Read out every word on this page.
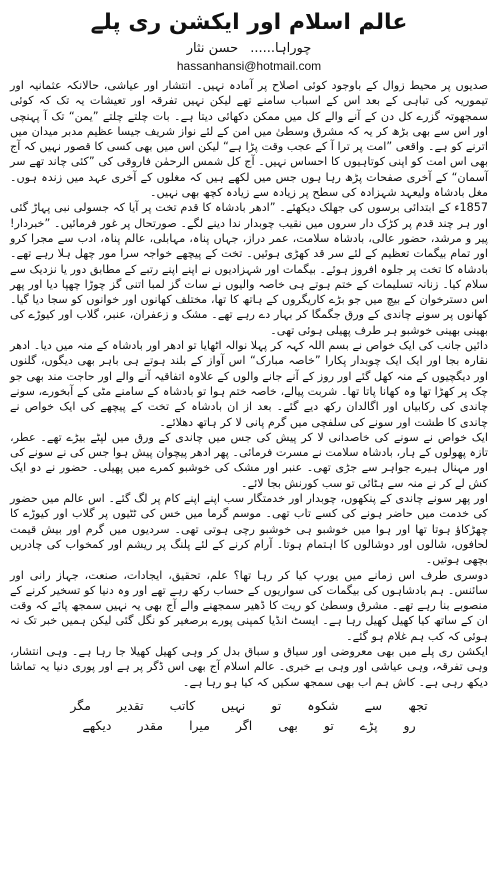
عالم اسلام اور ایکشن ری پلے
چوراہا......حسن نثار
hassanhansi@hotmail.com

صدیوں پر محیط زوال کے باوجود کوئی اصلاح پر آمادہ نہیں۔ انتشار اور عیاشی، حالانکہ عثمانیہ اور تیموریہ کی تباہی کے بعد اس کے اسباب سامنے تھے لیکن نہیں تفرقہ اور تعیشات یہ تک کہ کوئی سمجھوتہ گزرے کل دن کے آنے والے کل میں ممکن دکھائی دیتا ہے۔ بات چلتے چلتے ”یمن“ تک آ پہنچی اور اس سے بھی بڑھ کر یہ کہ مشرق وسطیٰ میں امن کے لئے نواز شریف جیسا عظیم مدبر میدان میں اترنے کو ہے۔ واقعی ”امت پر ترا آ کے عجب وقت پڑا ہے“ لیکن اس میں بھی کسی کا قصور نہیں کہ آج بھی اس امت کو اپنی کوتاہیوں کا احساس نہیں۔ آج کل شمس الرحمٰن فاروقی کی ”کئی چاند تھے سر آسمان“ کے آخری صفحات پڑھ رہا ہوں جس میں لکھے ہیں کہ مغلوں کے آخری عہد میں زندہ ہوں۔ مغل بادشاہ ولیعہد شہزادہ کی سطح پر زیادہ سے زیادہ کچھ بھی نہیں۔

1857ء کے ابتدائی برسوں کی جھلک دیکھئے۔ ”ادھر بادشاہ کا قدم تخت پر آیا کہ جسولی نبی پہاڑ گئی اور ہر چند قدم پر کڑک دار سروں میں نقیب چوبدار ندا دینے لگے۔ صورتحال پر غور فرمائیں۔ ”خبردار! پیر و مرشد، حضور عالی، بادشاہ سلامت، عمر دراز، جہاں پناہ، مہابلی، عالم پناہ، ادب سے مجرا کرو اور تمام بیگمات تعظیم کے لئے سر قد کھڑی ہوئیں۔ تخت کے پیچھے خواجہ سرا مور چھل ہلا رہے تھے۔ بادشاہ کا تخت پر جلوہ افروز ہوئے۔ بیگمات اور شہزادیوں نے اپنے اپنے رتبے کے مطابق دور یا نزدیک سے سلام کیا۔ زنانہ تسلیمات کے ختم ہوتے ہی خاصہ والیوں نے سات گز لمبا اتنی گز چوڑا چھپا دیا اور پھر اس دسترخوان کے بیچ میں جو بڑے کاریگروں کے ہاتھ کا تھا، مختلف کھانوں اور خوانوں کو سجا دیا گیا۔ کھانوں پر سونے چاندی کے ورق جگمگا کر بہار دے رہے تھے۔ مشک و زعفران، عنبر، گلاب اور کیوڑے کی بھینی بھینی خوشبو ہر طرف پھیلی ہوئی تھی۔

دائیں جانب کی ایک خواص نے بسم اللہ کہہ کر پہلا نوالہ اٹھایا تو ادھر اور بادشاہ کے منہ میں دیا۔ ادھر نقارہ بجا اور ایک ایک چوبدار پکارا ”خاصہ مبارک“ اس آواز کے بلند ہوتے ہی باہر بھی دیگوں، گلنوں اور دیگچیوں کے منہ کھل گئے اور روز کے آنے جانے والوں کے علاوہ اتفاقیہ آنے والے اور حاجت مند بھی جو چک پر کھڑا تھا وہ کھانا پاتا تھا۔ شربت پیالے، خاصہ ختم ہوا تو بادشاہ کے سامنے مٹی کے آبخورے، سونے چاندی کی رکابیاں اور اگالدان رکھ دیے گئے۔ بعد از ان بادشاہ کے تخت کے پیچھے کی ایک خواص نے چاندی کا طشت اور سونے کی سلفچی میں گرم پانی لا کر ہاتھ دھلائے۔

ایک خواص نے سونے کی خاصدانی لا کر پیش کی جس میں چاندی کے ورق میں لپٹے بیڑے تھے۔ عطر، تازہ پھولوں کے ہار، بادشاہ سلامت نے مسرت فرمائی۔ پھر ادھر پیچوان پیش ہوا جس کی نے سونے کی اور مہنال ہیرے جواہر سے جڑی تھی۔ عنبر اور مشک کی خوشبو کمرے میں پھیلی۔ حضور نے دو ایک کش لے کر نے منہ سے ہٹائی تو سب کورنش بجا لائے۔

اور پھر سونے چاندی کے پنکھوں، چوبدار اور خدمتگار سب اپنے اپنے کام پر لگ گئے۔ اس عالم میں حضور کی خدمت میں حاضر ہونے کی کسے تاب تھی۔ موسم گرما میں خس کی ٹٹیوں پر گلاب اور کیوڑے کا چھڑکاؤ ہوتا تھا اور ہوا میں خوشبو ہی خوشبو رچی ہوتی تھی۔ سردیوں میں گرم اور بیش قیمت لحافوں، شالوں اور دوشالوں کا اہتمام ہوتا۔ آرام کرنے کے لئے پلنگ پر ریشم اور کمخواب کی چادریں بچھی ہوتیں۔

دوسری طرف اس زمانے میں یورپ کیا کر رہا تھا؟ علم، تحقیق، ایجادات، صنعت، جہاز رانی اور سائنس۔ ہم بادشاہوں کی بیگمات کی سواریوں کے حساب رکھ رہے تھے اور وہ دنیا کو تسخیر کرنے کے منصوبے بنا رہے تھے۔ مشرق وسطیٰ کو ریت کا ڈھیر سمجھنے والے آج بھی یہ نہیں سمجھ پائے کہ وقت ان کے ساتھ کیا کھیل کھیل رہا ہے۔ ایسٹ انڈیا کمپنی پورے برصغیر کو نگل گئی لیکن ہمیں خبر تک نہ ہوئی کہ کب ہم غلام ہو گئے۔

ایکشن ری پلے میں بھی معروضی اور سیاق و سباق بدل کر وہی کھیل کھیلا جا رہا ہے۔ وہی انتشار، وہی تفرقہ، وہی عیاشی اور وہی بے خبری۔ عالم اسلام آج بھی اس ڈگر پر ہے اور پوری دنیا یہ تماشا دیکھ رہی ہے۔ کاش ہم اب بھی سمجھ سکیں کہ کیا ہو رہا ہے۔

تجھ
سے
شکوہ
تو
نہیں
کاتب
تقدیر
مگر
رو
پڑے
تو
بھی
اگر
میرا
مقدر
دیکھے
